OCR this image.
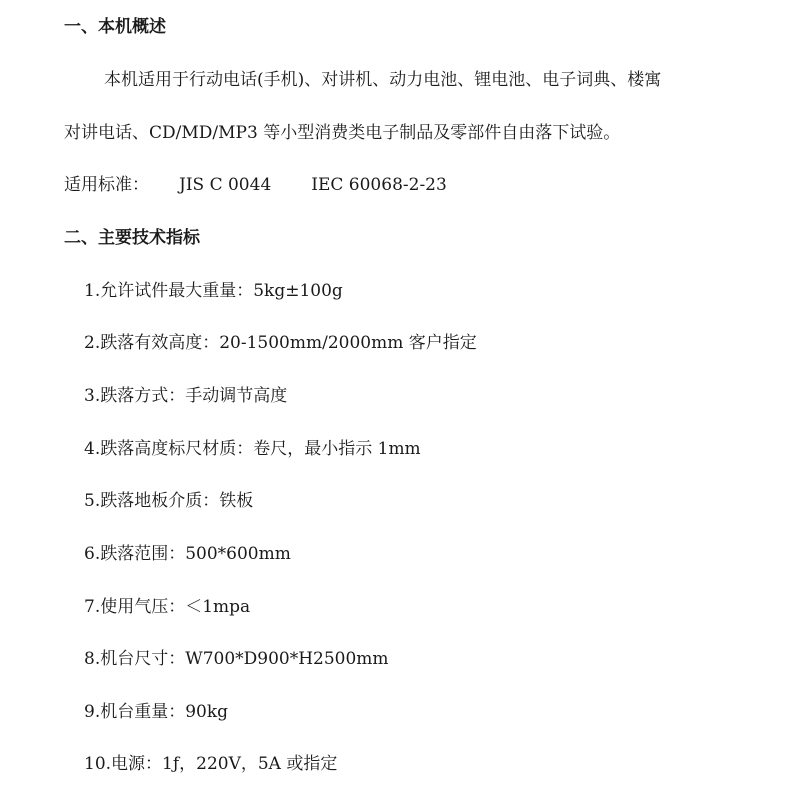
一、本机概述
本机适用于行动电话(手机)、对讲机、动力电池、锂电池、电子词典、楼寓
对讲电话、CD/MD/MP3 等小型消费类电子制品及零部件自由落下试验。
适用标准： JIS C 0044 IEC 60068-2-23
二、主要技术指标
1.允许试件最大重量：5kg±100g
2.跌落有效高度：20-1500mm/2000mm 客户指定
3.跌落方式：手动调节高度
4.跌落高度标尺材质：卷尺，最小指示 1mm
5.跌落地板介质：铁板
6.跌落范围：500*600mm
7.使用气压：＜1mpa
8.机台尺寸：W700*D900*H2500mm
9.机台重量：90kg
10.电源：1ƒ，220V，5A 或指定
